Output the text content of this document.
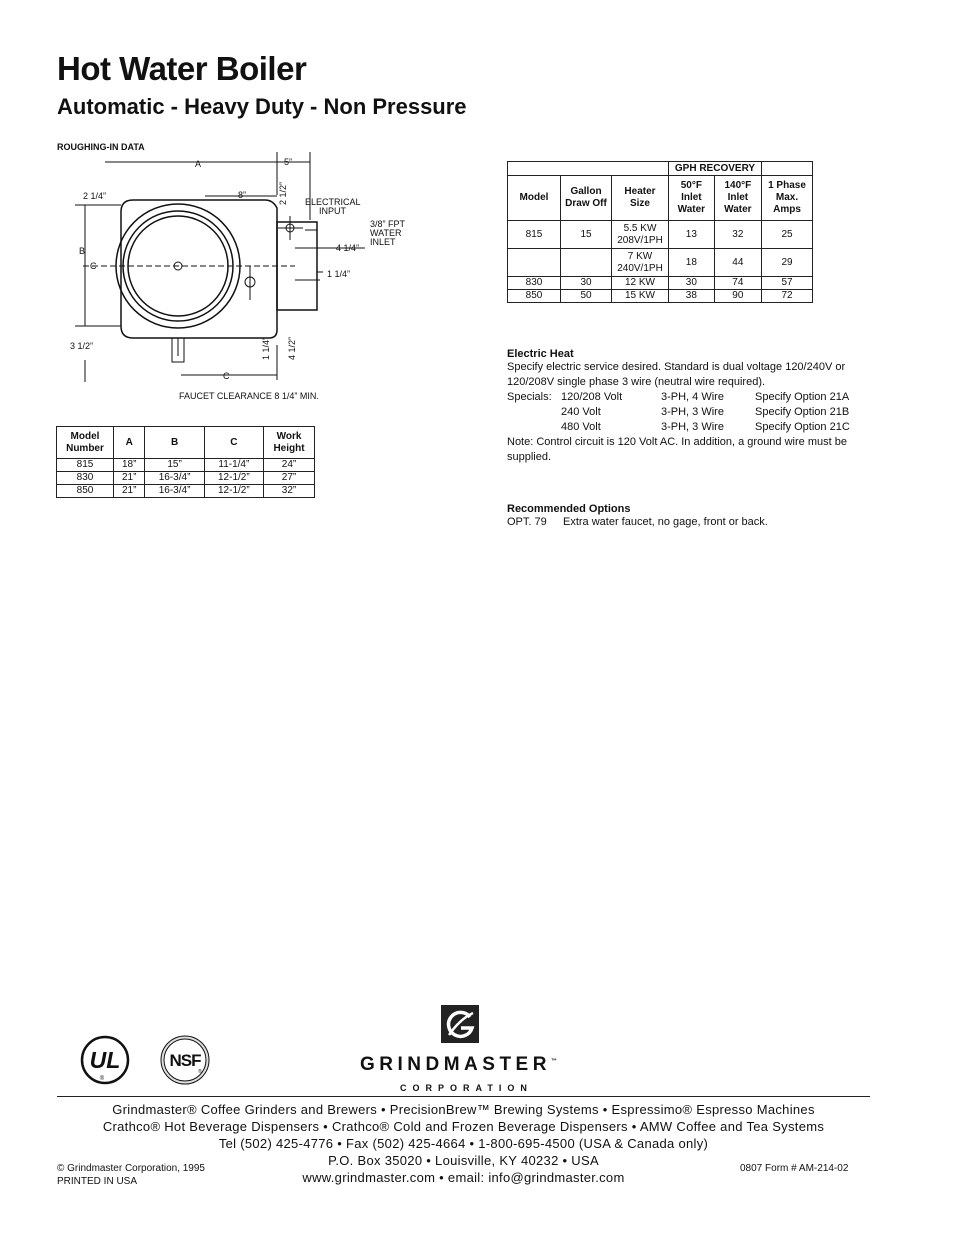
Hot Water Boiler
Automatic - Heavy Duty - Non Pressure
ROUGHING-IN DATA
A	5”
8”
2 1/4”	2 1/2” ELECTRICAL
INPUT
3/8” FPT
WATER
INLET
4 1/4”
1 1/4”
B
C
3 1/2”	1 1/4” 4 1/2”
C
FAUCET CLEARANCE 8 1/4” MIN.
Model Number	A	B	C	Work Height
815	18”	15”	11-1/4”	24”
830	21”	16-3/4”	12-1/2”	27”
850	21”	16-3/4”	12-1/2”	32”
			GPH RECOVERY		
Model	Gallon Draw Off	Heater Size	50°F Inlet Water	140°F Inlet Water	1 Phase Max. Amps
815	15	5.5 KW 208V/1PH	13	32	25
		7 KW 240V/1PH	18	44	29
830	30	12 KW	30	74	57
850	50	15 KW	38	90	72
Electric Heat
Specify electric service desired. Standard is dual voltage 120/240V or 120/208V single phase 3 wire (neutral wire required).
Specials: 120/208 Volt	3-PH, 4 Wire	Specify Option 21A
240 Volt	3-PH, 3 Wire	Specify Option 21B
480 Volt	3-PH, 3 Wire	Specify Option 21C
Note: Control circuit is 120 Volt AC. In addition, a ground wire must be supplied.
Recommended Options
OPT. 79 Extra water faucet, no gage, front or back.
UL
®
NSF
®	GRINDMASTER™
CORPORATION
Grindmaster® Coffee Grinders and Brewers • PrecisionBrew™ Brewing Systems • Espressimo® Espresso Machines
Crathco® Hot Beverage Dispensers • Crathco® Cold and Frozen Beverage Dispensers • AMW Coffee and Tea Systems
Tel (502) 425-4776 • Fax (502) 425-4664 • 1-800-695-4500 (USA & Canada only)
P.O. Box 35020 • Louisville, KY 40232 • USA
www.grindmaster.com • email: info@grindmaster.com
© Grindmaster Corporation, 1995
PRINTED IN USA
0807 Form # AM-214-02
